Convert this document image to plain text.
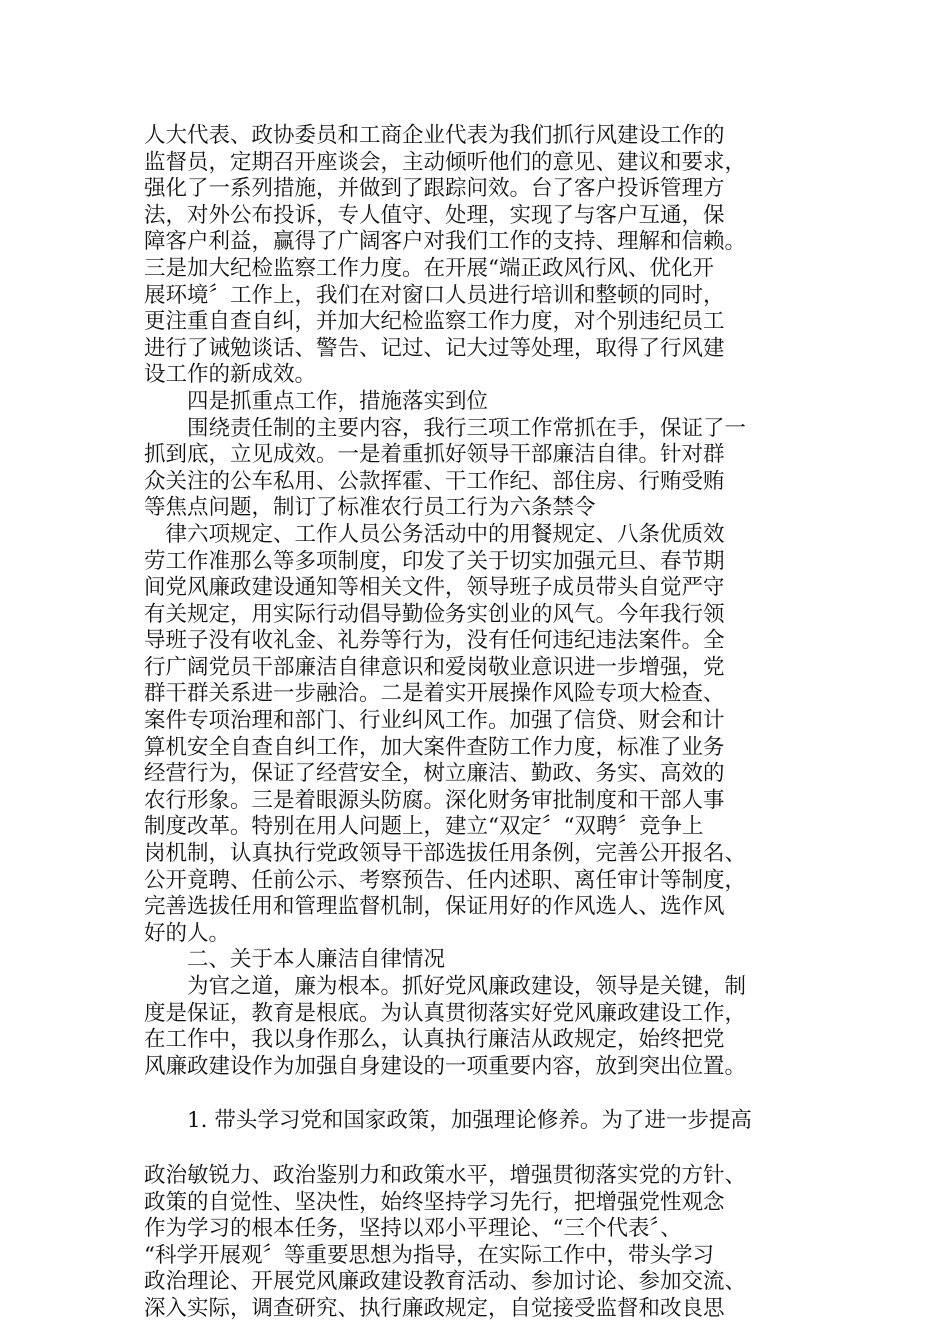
人大代表、政协委员和工商企业代表为我们抓行风建设工作的
监督员，定期召开座谈会，主动倾听他们的意见、建议和要求，
强化了一系列措施，并做到了跟踪问效。台了客户投诉管理方
法，对外公布投诉，专人值守、处理，实现了与客户互通，保
障客户利益，赢得了广阔客户对我们工作的支持、理解和信赖。
三是加大纪检监察工作力度。在开展“端正政风行风、优化开
展环境〞工作上，我们在对窗口人员进行培训和整顿的同时，
更注重自查自纠，并加大纪检监察工作力度，对个别违纪员工
进行了诫勉谈话、警告、记过、记大过等处理，取得了行风建
设工作的新成效。
　　四是抓重点工作，措施落实到位
　　围绕责任制的主要内容，我行三项工作常抓在手，保证了一
抓到底，立见成效。一是着重抓好领导干部廉洁自律。针对群
众关注的公车私用、公款挥霍、干工作纪、部住房、行贿受贿
等焦点问题，制订了标准农行员工行为六条禁令
　律六项规定、工作人员公务活动中的用餐规定、八条优质效
劳工作准那么等多项制度，印发了关于切实加强元旦、春节期
间党风廉政建设通知等相关文件，领导班子成员带头自觉严守
有关规定，用实际行动倡导勤俭务实创业的风气。今年我行领
导班子没有收礼金、礼券等行为，没有任何违纪违法案件。全
行广阔党员干部廉洁自律意识和爱岗敬业意识进一步增强，党
群干群关系进一步融洽。二是着实开展操作风险专项大检查、
案件专项治理和部门、行业纠风工作。加强了信贷、财会和计
算机安全自查自纠工作，加大案件查防工作力度，标准了业务
经营行为，保证了经营安全，树立廉洁、勤政、务实、高效的
农行形象。三是着眼源头防腐。深化财务审批制度和干部人事
制度改革。特别在用人问题上，建立“双定〞“双聘〞竞争上
岗机制，认真执行党政领导干部选拔任用条例，完善公开报名、
公开竟聘、任前公示、考察预告、任内述职、离任审计等制度，
完善选拔任用和管理监督机制，保证用好的作风选人、选作风
好的人。
　　二、关于本人廉洁自律情况
　　为官之道，廉为根本。抓好党风廉政建设，领导是关键，制
度是保证，教育是根底。为认真贯彻落实好党风廉政建设工作，
在工作中，我以身作那么，认真执行廉洁从政规定，始终把党
风廉政建设作为加强自身建设的一项重要内容，放到突出位置。
　　1. 带头学习党和国家政策，加强理论修养。为了进一步提高
政治敏锐力、政治鉴别力和政策水平，增强贯彻落实党的方针、
政策的自觉性、坚决性，始终坚持学习先行，把增强党性观念
作为学习的根本任务，坚持以邓小平理论、“三个代表〞、
“科学开展观〞等重要思想为指导，在实际工作中，带头学习
政治理论、开展党风廉政建设教育活动、参加讨论、参加交流、
深入实际，调查研究、执行廉政规定，自觉接受监督和改良思
